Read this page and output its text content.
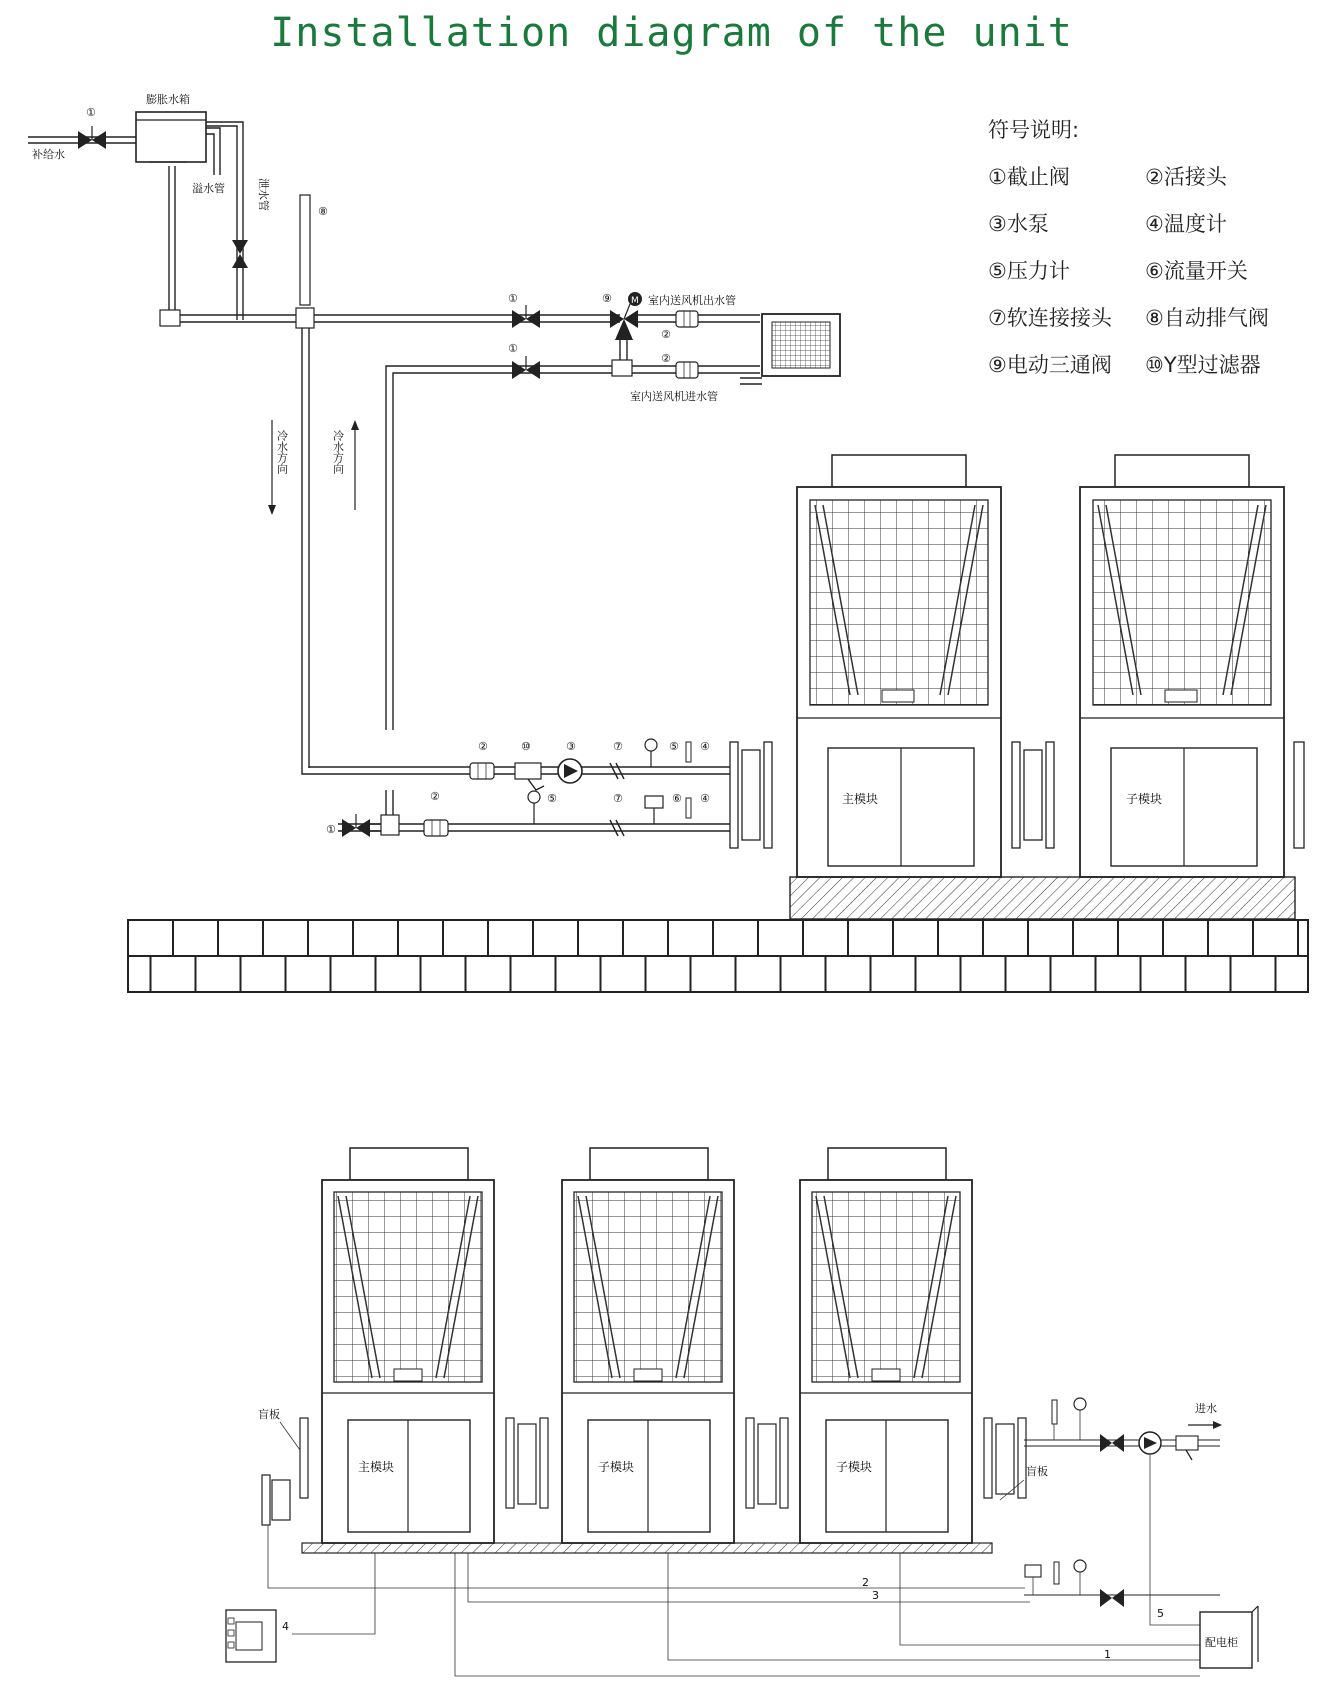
Installation diagram of the unit
符号说明:
①截止阀	②活接头
③水泵	④温度计
⑤压力计	⑥流量开关
⑦软连接接头 ⑧自动排气阀
⑨电动三通阀 ⑩Y型过滤器
补给水
①
膨胀水箱
溢水管	泄水管
⑧
①	⑨ M 室内送风机出水管
②
①
②
室内送风机进水管
冷水方向	冷水方向
②	⑩	③	⑦	⑤ ④
①
②	⑤	⑦	⑥ ④	主模块	子模块
主模块	子模块	子模块
盲板
盲板
进水
4
2
3
5
1
配电柜
